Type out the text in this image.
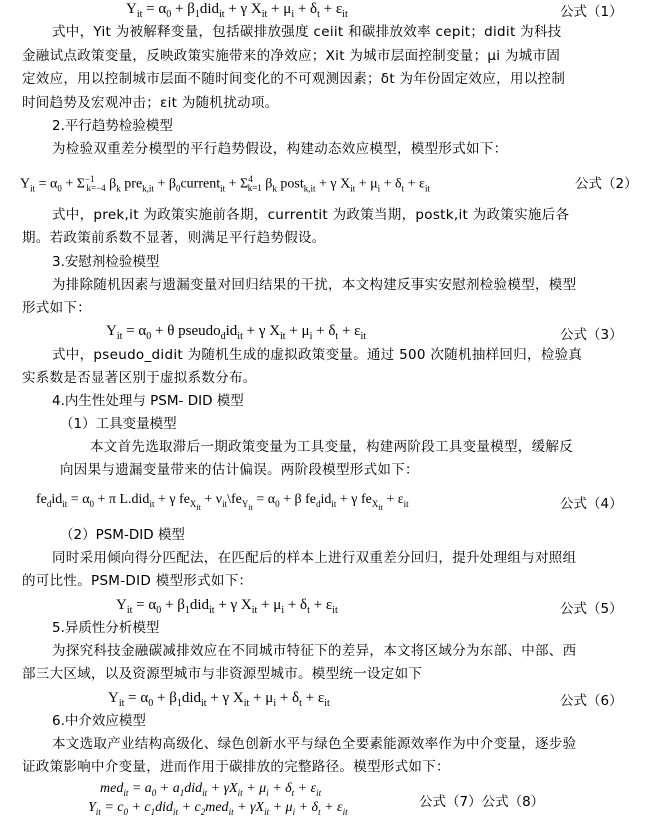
$Y_{it} = \alpha_0 + \beta_1did_{it} + \gamma$ $X_{it} + \mu_i + \delta_t + \varepsilon_{it}$	公式（1）
式中，Yit 为被解释变量，包括碳排放强度 ceiit 和碳排放效率 cepit；didit 为科技
金融试点政策变量，反映政策实施带来的净效应；Xit 为城市层面控制变量；μi 为城市固
定效应，用以控制城市层面不随时间变化的不可观测因素；δt 为年份固定效应，用以控制
时间趋势及宏观冲击；εit 为随机扰动项。
2.平行趋势检验模型
为检验双重差分模型的平行趋势假设，构建动态效应模型，模型形式如下：
$Y_{it} = \alpha_0 + \Sigma^{-1}_{k=-4}$ $\beta_k$ $pre_{k,it} + \beta_0current_{it} + \Sigma^4_{k=1}$ $\beta_k$ post$_{k,it}$ + γ $X_{it} + \mu_i + \delta_t + \varepsilon_{it}$	公式（2）
式中，prek,it 为政策实施前各期，currentit 为政策当期，postk,it 为政策实施后各
期。若政策前系数不显著，则满足平行趋势假设。
3.安慰剂检验模型
为排除随机因素与遗漏变量对回归结果的干扰，本文构建反事实安慰剂检验模型，模型
形式如下：
$Y_{it} = \alpha_0 + \theta$ $pseudo_did_{it} + \gamma$ $X_{it} + \mu_i + \delta_t + \varepsilon_{it}$	公式（3）
式中，pseudo_didit 为随机生成的虚拟政策变量。通过 500 次随机抽样回归，检验真
实系数是否显著区别于虚拟系数分布。
4.内生性处理与 PSM- DID 模型
（1）工具变量模型
本文首先选取滞后一期政策变量为工具变量，构建两阶段工具变量模型，缓解反
向因果与遗漏变量带来的估计偏误。两阶段模型形式如下：
$fe_did_{it} = \alpha_0 + \pi$ L.did$_{it}$ + γ $fe_{X_{it}}$ + $\nu_{it}\backslash fe_{Y_{it}} = \alpha_0 + \beta$ $fe_did_{it} + \gamma$ $fe_{X_{it}} + \varepsilon_{it}$	公式（4）
（2）PSM-DID 模型
同时采用倾向得分匹配法，在匹配后的样本上进行双重差分回归，提升处理组与对照组
的可比性。PSM-DID 模型形式如下：
$Y_{it} = \alpha_0 + \beta_1did_{it} + \gamma$ $X_{it} + \mu_i + \delta_t + \varepsilon_{it}$	公式（5）
5.异质性分析模型
为探究科技金融碳减排效应在不同城市特征下的差异，本文将区域分为东部、中部、西
部三大区域，以及资源型城市与非资源型城市。模型统一设定如下
$Y_{it} = \alpha_0 + \beta_1did_{it} + \gamma$ $X_{it} + \mu_i + \delta_t + \varepsilon_{it}$	公式（6）
6.中介效应模型
本文选取产业结构高级化、绿色创新水平与绿色全要素能源效率作为中介变量，逐步验
证政策影响中介变量，进而作用于碳排放的完整路径。模型形式如下：
$med_{it} = a_0 + a_1did_{it} + \gamma X_{it} + \mu_i + \delta_t + \varepsilon_{it}$
$Y_{it} = c_0 + c_1did_{it} + c_2med_{it} + \gamma X_{it} + \mu_i + \delta_t + \varepsilon_{it}$
公式（7）公式（8）
